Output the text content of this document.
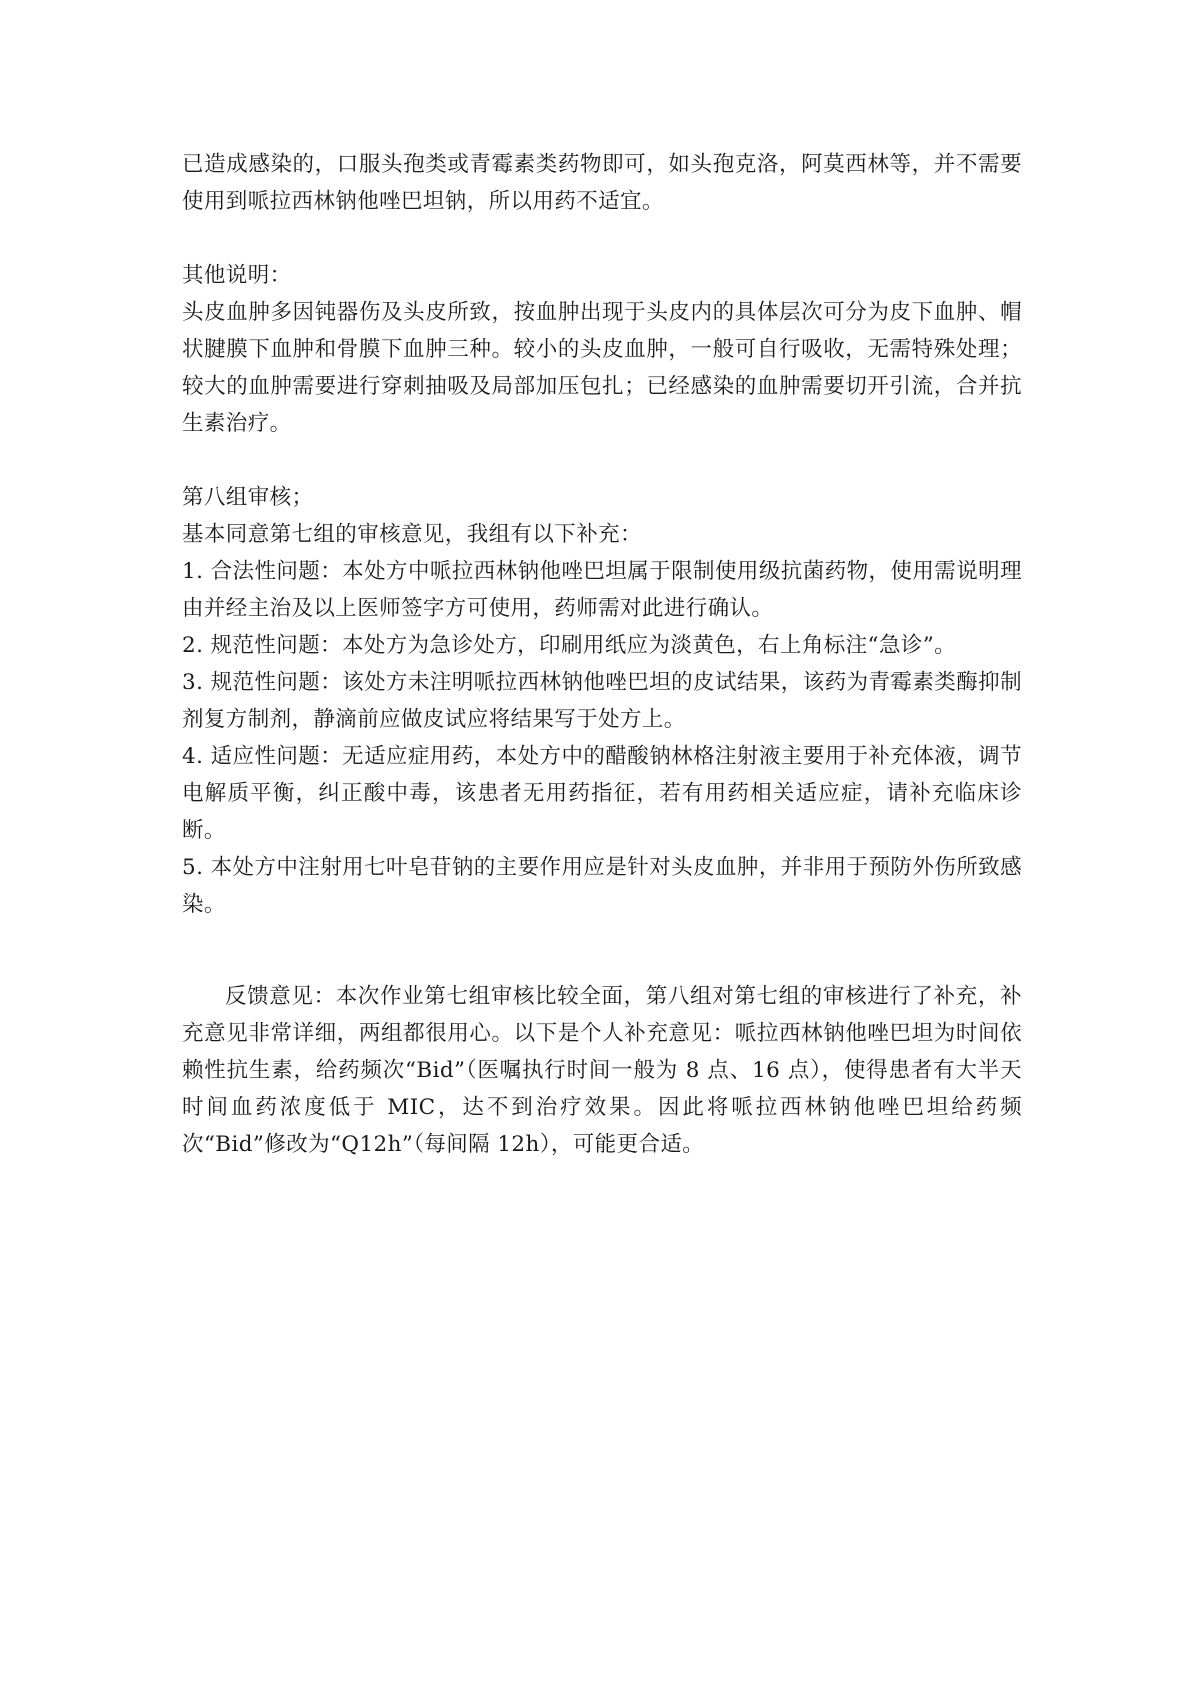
已造成感染的，口服头孢类或青霉素类药物即可，如头孢克洛，阿莫西林等，并不需要使用到哌拉西林钠他唑巴坦钠，所以用药不适宜。

其他说明：

头皮血肿多因钝器伤及头皮所致，按血肿出现于头皮内的具体层次可分为皮下血肿、帽状腱膜下血肿和骨膜下血肿三种。较小的头皮血肿，一般可自行吸收，无需特殊处理；较大的血肿需要进行穿刺抽吸及局部加压包扎；已经感染的血肿需要切开引流，合并抗生素治疗。

第八组审核；

基本同意第七组的审核意见，我组有以下补充：

1. 合法性问题：本处方中哌拉西林钠他唑巴坦属于限制使用级抗菌药物，使用需说明理由并经主治及以上医师签字方可使用，药师需对此进行确认。

2. 规范性问题：本处方为急诊处方，印刷用纸应为淡黄色，右上角标注“急诊”。

3. 规范性问题：该处方未注明哌拉西林钠他唑巴坦的皮试结果，该药为青霉素类酶抑制剂复方制剂，静滴前应做皮试应将结果写于处方上。

4. 适应性问题：无适应症用药，本处方中的醋酸钠林格注射液主要用于补充体液，调节电解质平衡，纠正酸中毒，该患者无用药指征，若有用药相关适应症，请补充临床诊断。

5. 本处方中注射用七叶皂苷钠的主要作用应是针对头皮血肿，并非用于预防外伤所致感染。

反馈意见：本次作业第七组审核比较全面，第八组对第七组的审核进行了补充，补充意见非常详细，两组都很用心。以下是个人补充意见：哌拉西林钠他唑巴坦为时间依赖性抗生素，给药频次“Bid”（医嘱执行时间一般为 8 点、16 点），使得患者有大半天时间血药浓度低于 MIC，达不到治疗效果。因此将哌拉西林钠他唑巴坦给药频次“Bid”修改为“Q12h”（每间隔 12h），可能更合适。
